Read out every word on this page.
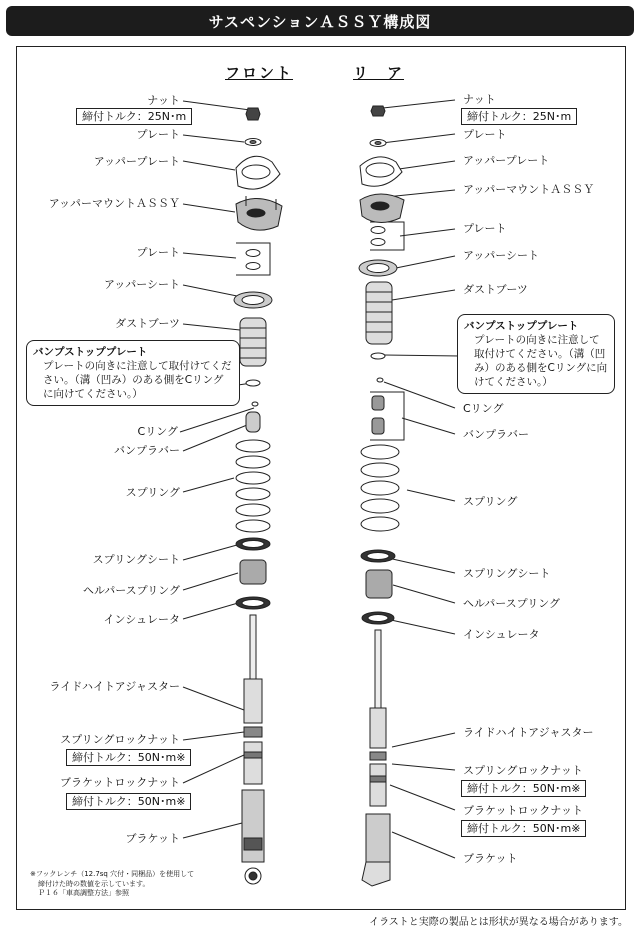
サスペンションＡＳＳＹ構成図
フロント	リ　ア
ナット
締付トルク：25N･m
プレート
アッパープレート
アッパーマウントＡＳＳＹ
プレート
アッパーシート
ダストブーツ
バンプストッププレート
プレートの向きに注意して取付けてください。（溝（凹み）のある側をCリングに向けてください。）
Cリング
バンプラバー
スプリング
スプリングシート
ヘルパースプリング
インシュレータ
ライドハイトアジャスター
スプリングロックナット
締付トルク：50N･m※
ブラケットロックナット
締付トルク：50N･m※
ブラケット
ナット
締付トルク：25N･m
プレート
アッパープレート
アッパーマウントＡＳＳＹ
プレート
アッパーシート
ダストブーツ
バンプストッププレート
プレートの向きに注意して取付けてください。（溝（凹み）のある側をCリングに向けてください。）
Cリング
バンプラバー
スプリング
スプリングシート
ヘルパースプリング
インシュレータ
ライドハイトアジャスター
スプリングロックナット
締付トルク：50N･m※
ブラケットロックナット
締付トルク：50N･m※
ブラケット
※フックレンチ（12.7sq 穴付・同梱品）を使用して
締付けた時の数値を示しています。
Ｐ１６「車高調整方法」参照
イラストと実際の製品とは形状が異なる場合があります。
